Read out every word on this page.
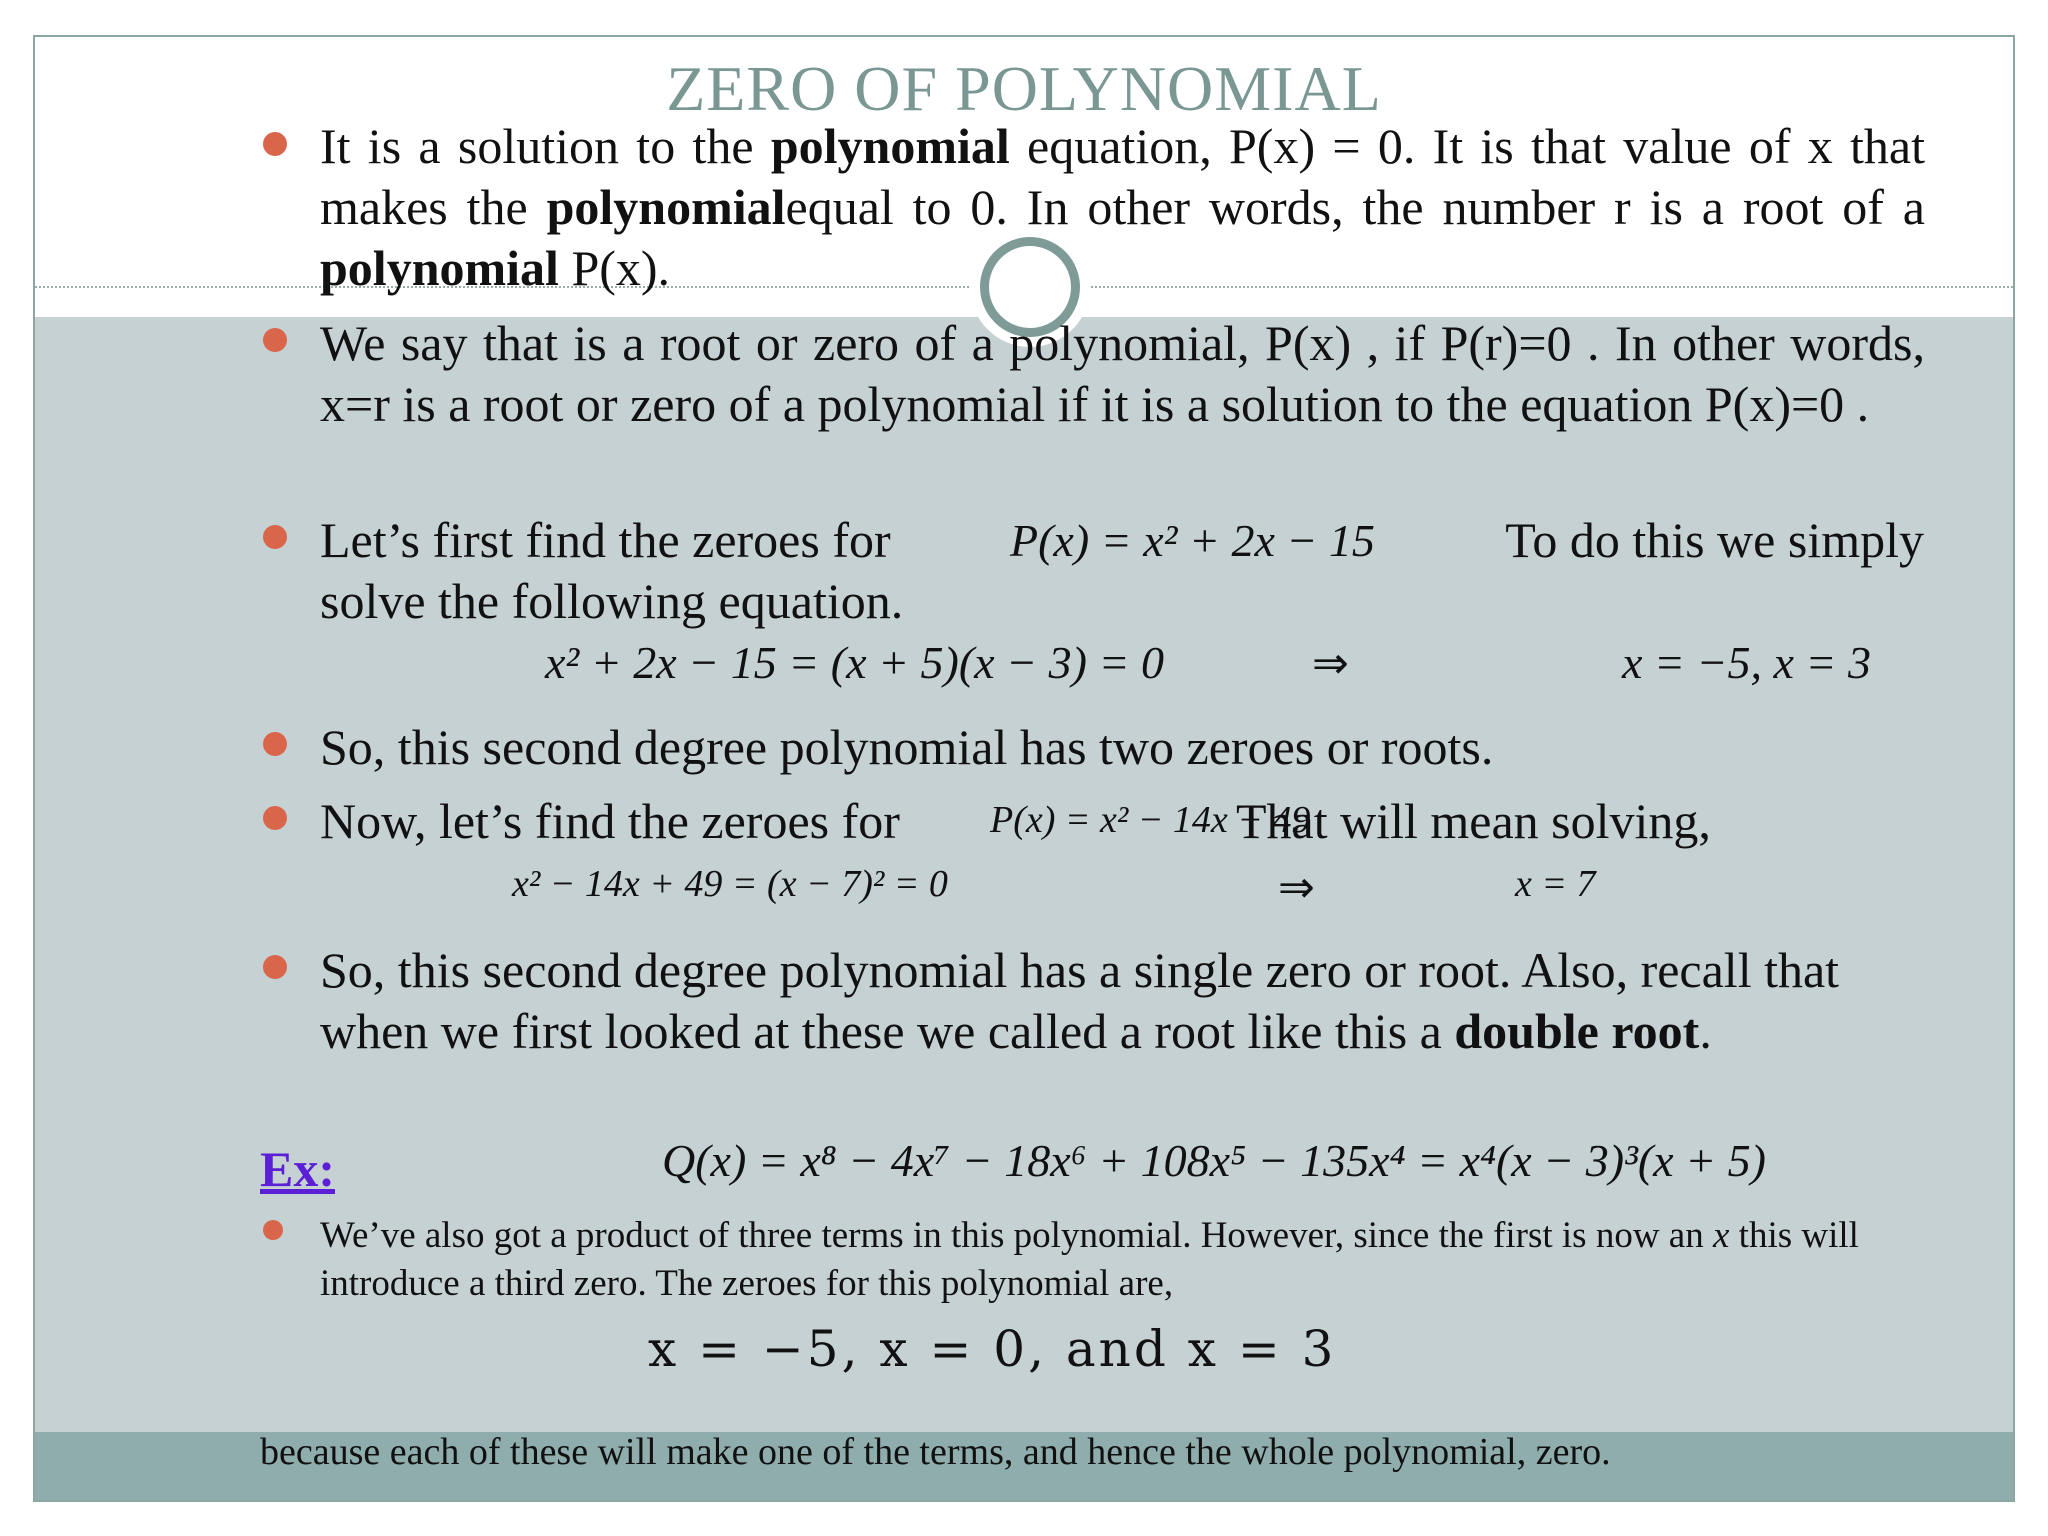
ZERO OF POLYNOMIAL
It is a solution to the polynomial equation, P(x) = 0. It is that value of x that makes the polynomialequal to 0. In other words, the number r is a root of a polynomial P(x).
We say that is a root or zero of a polynomial, P(x) , if P(r)=0 . In other words, x=r is a root or zero of a polynomial if it is a solution to the equation P(x)=0 .
Let’s first find the zeroes for	P(x) = x² + 2x − 15	To do this we simply
solve the following equation.
x² + 2x − 15 = (x + 5)(x − 3) = 0	⇒	x = −5, x = 3
So, this second degree polynomial has two zeroes or roots.
Now, let’s find the zeroes for	P(x) = x² − 14x + 49
That will mean solving,
x² − 14x + 49 = (x − 7)² = 0	⇒	x = 7
So, this second degree polynomial has a single zero or root. Also, recall that when we first looked at these we called a root like this a double root.
Ex:	Q(x) = x⁸ − 4x⁷ − 18x⁶ + 108x⁵ − 135x⁴ = x⁴(x − 3)³(x + 5)
We’ve also got a product of three terms in this polynomial. However, since the first is now an x this will introduce a third zero. The zeroes for this polynomial are,
x = −5, x = 0, and x = 3
because each of these will make one of the terms, and hence the whole polynomial, zero.
